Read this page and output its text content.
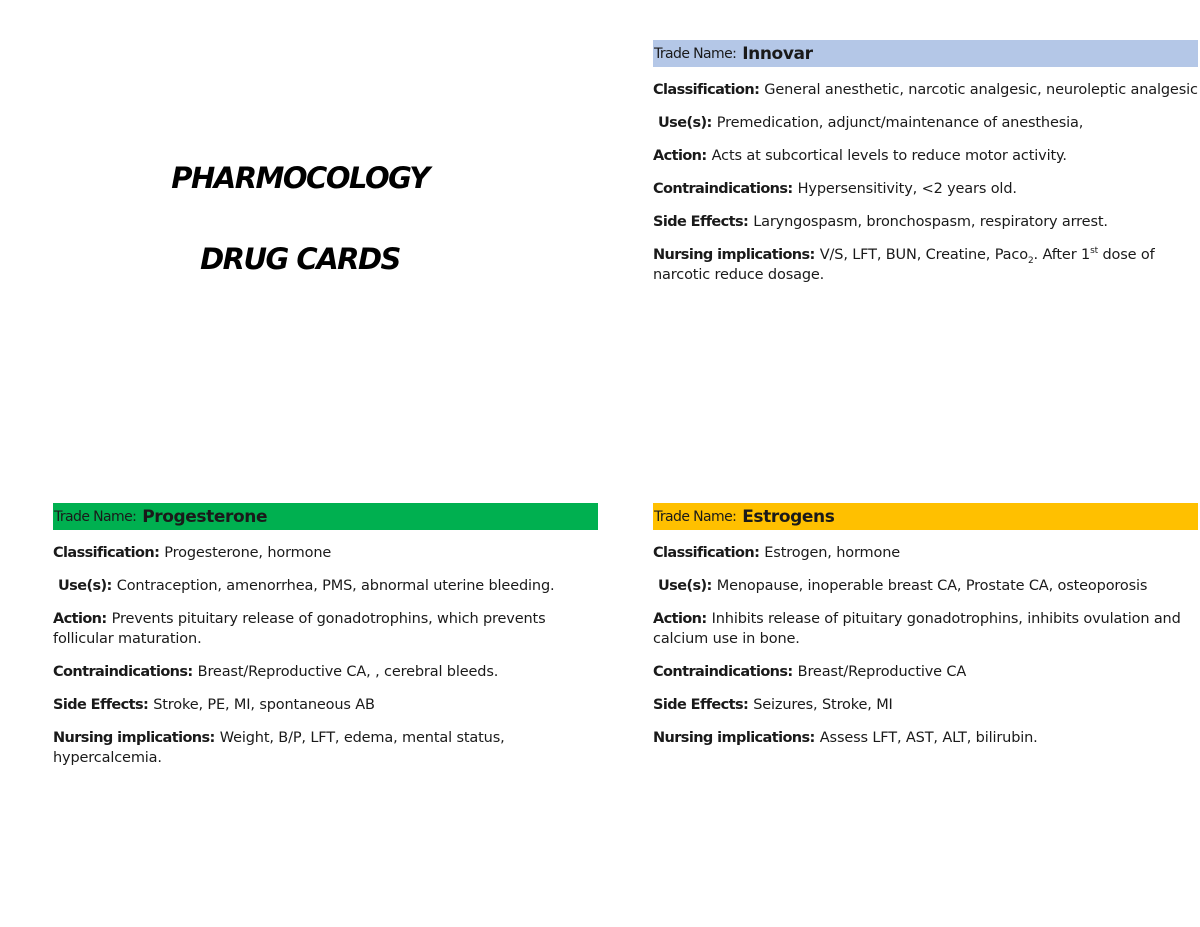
PHARMOCOLOGY
DRUG CARDS
Trade Name: Innovar
Classification: General anesthetic, narcotic analgesic, neuroleptic analgesic
Use(s): Premedication, adjunct/maintenance of anesthesia,
Action: Acts at subcortical levels to reduce motor activity.
Contraindications: Hypersensitivity, <2 years old.
Side Effects: Laryngospasm, bronchospasm, respiratory arrest.
Nursing implications: V/S, LFT, BUN, Creatine, Paco$_2$. After 1st dose of narcotic reduce dosage.
Trade Name: Progesterone
Classification: Progesterone, hormone
Use(s): Contraception, amenorrhea, PMS, abnormal uterine bleeding.
Action: Prevents pituitary release of gonadotrophins, which prevents follicular maturation.
Contraindications: Breast/Reproductive CA, , cerebral bleeds.
Side Effects: Stroke, PE, MI, spontaneous AB
Nursing implications: Weight, B/P, LFT, edema, mental status, hypercalcemia.
Trade Name: Estrogens
Classification: Estrogen, hormone
Use(s): Menopause, inoperable breast CA, Prostate CA, osteoporosis
Action: Inhibits release of pituitary gonadotrophins, inhibits ovulation and calcium use in bone.
Contraindications: Breast/Reproductive CA
Side Effects: Seizures, Stroke, MI
Nursing implications: Assess LFT, AST, ALT, bilirubin.
